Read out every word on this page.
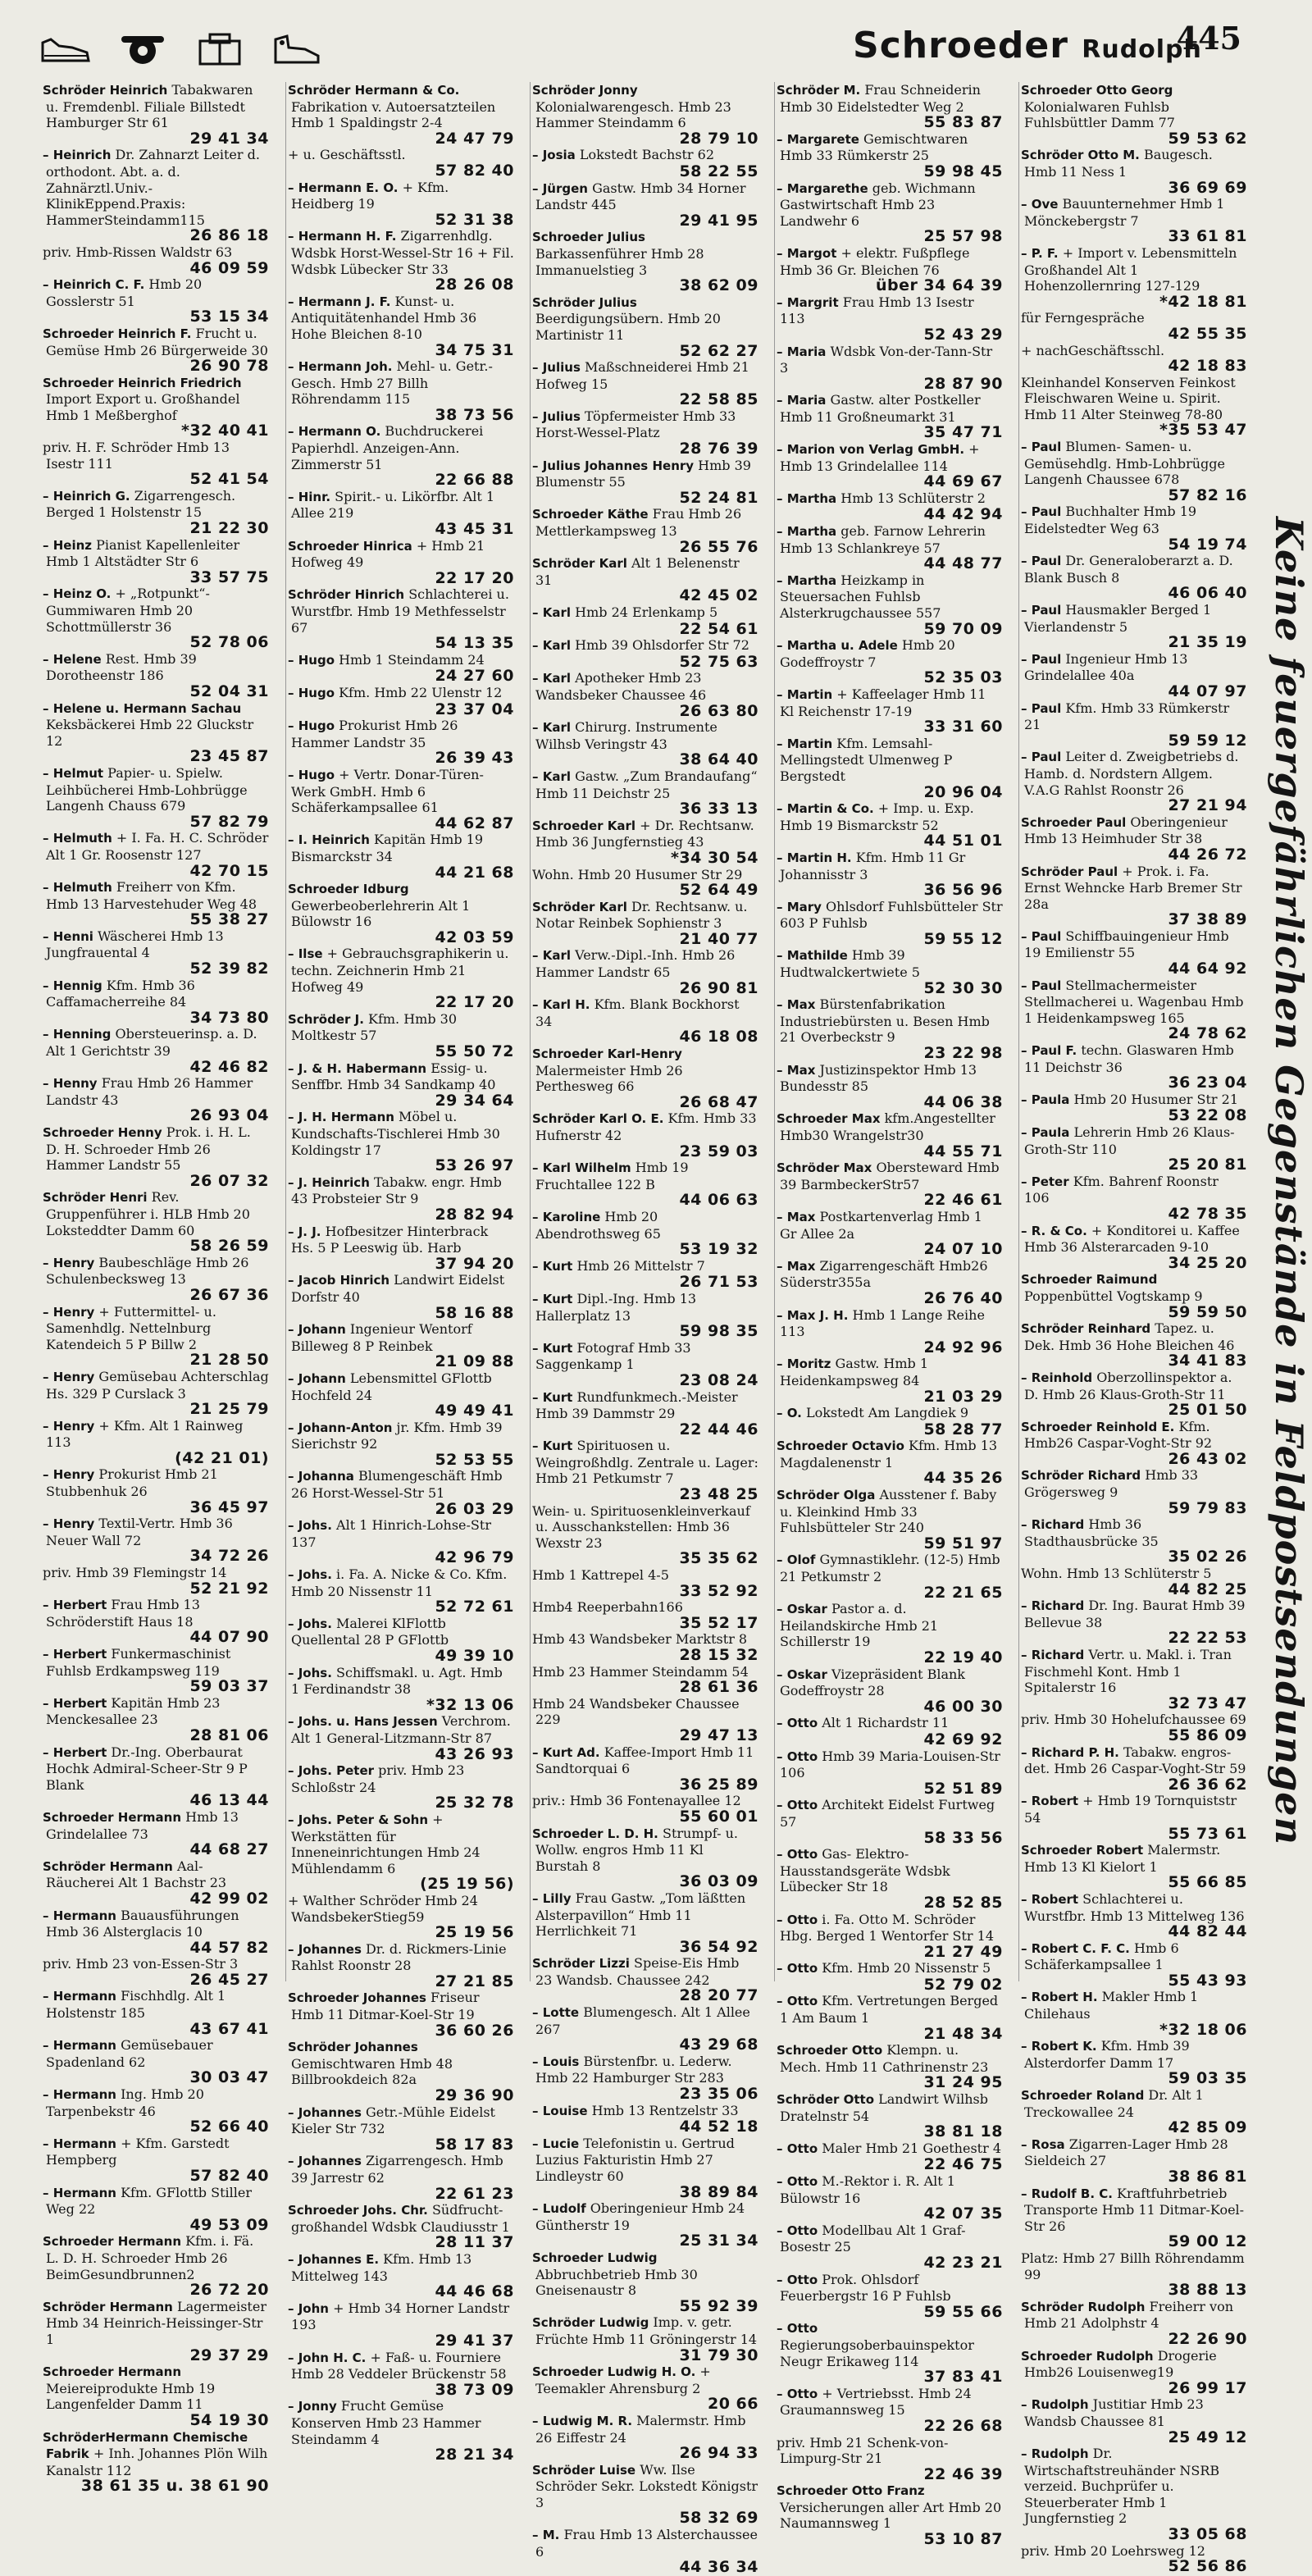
Schroeder Rudolph
445

Schröder Heinrich Tabakwaren u. Fremdenbl. Filiale Billstedt Hamburger Str 61
29 41 34

– Heinrich Dr. Zahnarzt Leiter d. orthodont. Abt. a. d. Zahnärztl.Univ.-KlinikEppend.Praxis: HammerSteindamm115
26 86 18

priv. Hmb-Rissen Waldstr 63
46 09 59

– Heinrich C. F. Hmb 20 Gosslerstr 51
53 15 34

Schroeder Heinrich F. Frucht u. Gemüse Hmb 26 Bürgerweide 30
26 90 78

Schroeder Heinrich Friedrich Import Export u. Großhandel Hmb 1 Meßberghof
*32 40 41

priv. H. F. Schröder Hmb 13 Isestr 111
52 41 54

– Heinrich G. Zigarrengesch. Berged 1 Holstenstr 15
21 22 30

– Heinz Pianist Kapellenleiter Hmb 1 Altstädter Str 6
33 57 75

– Heinz O. + „Rotpunkt“-Gummiwaren Hmb 20 Schottmüllerstr 36
52 78 06

– Helene Rest. Hmb 39 Dorotheenstr 186
52 04 31

– Helene u. Hermann Sachau Keksbäckerei Hmb 22 Gluckstr 12
23 45 87

– Helmut Papier- u. Spielw. Leihbücherei Hmb-Lohbrügge Langenh Chauss 679
57 82 79

– Helmuth + I. Fa. H. C. Schröder Alt 1 Gr. Roosenstr 127
42 70 15

– Helmuth Freiherr von Kfm. Hmb 13 Harvestehuder Weg 48
55 38 27

– Henni Wäscherei Hmb 13 Jungfrauental 4
52 39 82

– Hennig Kfm. Hmb 36 Caffamacherreihe 84
34 73 80

– Henning Obersteuerinsp. a. D. Alt 1 Gerichtstr 39
42 46 82

– Henny Frau Hmb 26 Hammer Landstr 43
26 93 04

Schroeder Henny Prok. i. H. L. D. H. Schroeder Hmb 26 Hammer Landstr 55
26 07 32

Schröder Henri Rev. Gruppenführer i. HLB Hmb 20 Loksteddter Damm 60
58 26 59

– Henry Baubeschläge Hmb 26 Schulenbecksweg 13
26 67 36

– Henry + Futtermittel- u. Samenhdlg. Nettelnburg Katendeich 5 P Billw 2
21 28 50

– Henry Gemüsebau Achterschlag Hs. 329 P Curslack 3
21 25 79

– Henry + Kfm. Alt 1 Rainweg 113
(42 21 01)

– Henry Prokurist Hmb 21 Stubbenhuk 26
36 45 97

– Henry Textil-Vertr. Hmb 36 Neuer Wall 72
34 72 26

priv. Hmb 39 Flemingstr 14
52 21 92

– Herbert Frau Hmb 13 Schröderstift Haus 18
44 07 90

– Herbert Funkermaschinist Fuhlsb Erdkampsweg 119
59 03 37

– Herbert Kapitän Hmb 23 Menckesallee 23
28 81 06

– Herbert Dr.-Ing. Oberbaurat Hochk Admiral-Scheer-Str 9 P Blank
46 13 44

Schroeder Hermann Hmb 13 Grindelallee 73
44 68 27

Schröder Hermann Aal-Räucherei Alt 1 Bachstr 23
42 99 02

– Hermann Bauausführungen Hmb 36 Alsterglacis 10
44 57 82

priv. Hmb 23 von-Essen-Str 3
26 45 27

– Hermann Fischhdlg. Alt 1 Holstenstr 185
43 67 41

– Hermann Gemüsebauer Spadenland 62
30 03 47

– Hermann Ing. Hmb 20 Tarpenbekstr 46
52 66 40

– Hermann + Kfm. Garstedt Hempberg
57 82 40

– Hermann Kfm. GFlottb Stiller Weg 22
49 53 09

Schroeder Hermann Kfm. i. Fä. L. D. H. Schroeder Hmb 26 BeimGesundbrunnen2
26 72 20

Schröder Hermann Lagermeister Hmb 34 Heinrich-Heissinger-Str 1
29 37 29

Schroeder Hermann Meiereiprodukte Hmb 19 Langenfelder Damm 11
54 19 30

SchröderHermann Chemische Fabrik + Inh. Johannes Plön Wilh Kanalstr 112
38 61 35 u. 38 61 90

Schröder Hermann & Co. Fabrikation v. Autoersatzteilen Hmb 1 Spaldingstr 2-4
24 47 79

+ u. Geschäftsstl.
57 82 40

– Hermann E. O. + Kfm. Heidberg 19
52 31 38

– Hermann H. F. Zigarrenhdlg. Wdsbk Horst-Wessel-Str 16 + Fil. Wdsbk Lübecker Str 33
28 26 08

– Hermann J. F. Kunst- u. Antiquitätenhandel Hmb 36 Hohe Bleichen 8-10
34 75 31

– Hermann Joh. Mehl- u. Getr.-Gesch. Hmb 27 Billh Röhrendamm 115
38 73 56

– Hermann O. Buchdruckerei Papierhdl. Anzeigen-Ann. Zimmerstr 51
22 66 88

– Hinr. Spirit.- u. Likörfbr. Alt 1 Allee 219
43 45 31

Schroeder Hinrica + Hmb 21 Hofweg 49
22 17 20

Schröder Hinrich Schlachterei u. Wurstfbr. Hmb 19 Methfesselstr 67
54 13 35

– Hugo Hmb 1 Steindamm 24
24 27 60

– Hugo Kfm. Hmb 22 Ulenstr 12
23 37 04

– Hugo Prokurist Hmb 26 Hammer Landstr 35
26 39 43

– Hugo + Vertr. Donar-Türen-Werk GmbH. Hmb 6 Schäferkampsallee 61
44 62 87

– I. Heinrich Kapitän Hmb 19 Bismarckstr 34
44 21 68

Schroeder Idburg Gewerbeoberlehrerin Alt 1 Bülowstr 16
42 03 59

– Ilse + Gebrauchsgraphikerin u. techn. Zeichnerin Hmb 21 Hofweg 49
22 17 20

Schröder J. Kfm. Hmb 30 Moltkestr 57
55 50 72

– J. & H. Habermann Essig- u. Senffbr. Hmb 34 Sandkamp 40
29 34 64

– J. H. Hermann Möbel u. Kundschafts-Tischlerei Hmb 30 Koldingstr 17
53 26 97

– J. Heinrich Tabakw. engr. Hmb 43 Probsteier Str 9
28 82 94

– J. J. Hofbesitzer Hinterbrack Hs. 5 P Leeswig üb. Harb
37 94 20

– Jacob Hinrich Landwirt Eidelst Dorfstr 40
58 16 88

– Johann Ingenieur Wentorf Billeweg 8 P Reinbek
21 09 88

– Johann Lebensmittel GFlottb Hochfeld 24
49 49 41

– Johann-Anton jr. Kfm. Hmb 39 Sierichstr 92
52 53 55

– Johanna Blumengeschäft Hmb 26 Horst-Wessel-Str 51
26 03 29

– Johs. Alt 1 Hinrich-Lohse-Str 137
42 96 79

– Johs. i. Fa. A. Nicke & Co. Kfm. Hmb 20 Nissenstr 11
52 72 61

– Johs. Malerei KlFlottb Quellental 28 P GFlottb
49 39 10

– Johs. Schiffsmakl. u. Agt. Hmb 1 Ferdinandstr 38
*32 13 06

– Johs. u. Hans Jessen Verchrom. Alt 1 General-Litzmann-Str 87
43 26 93

– Johs. Peter priv. Hmb 23 Schloßstr 24
25 32 78

– Johs. Peter & Sohn + Werkstätten für Inneneinrichtungen Hmb 24 Mühlendamm 6
(25 19 56)

+ Walther Schröder Hmb 24 WandsbekerStieg59
25 19 56

– Johannes Dr. d. Rickmers-Linie Rahlst Roonstr 28
27 21 85

Schroeder Johannes Friseur Hmb 11 Ditmar-Koel-Str 19
36 60 26

Schröder Johannes Gemischtwaren Hmb 48 Billbrookdeich 82a
29 36 90

– Johannes Getr.-Mühle Eidelst Kieler Str 732
58 17 83

– Johannes Zigarrengesch. Hmb 39 Jarrestr 62
22 61 23

Schroeder Johs. Chr. Südfrucht-großhandel Wdsbk Claudiusstr 1
28 11 37

– Johannes E. Kfm. Hmb 13 Mittelweg 143
44 46 68

– John + Hmb 34 Horner Landstr 193
29 41 37

– John H. C. + Faß- u. Fourniere Hmb 28 Veddeler Brückenstr 58
38 73 09

– Jonny Frucht Gemüse Konserven Hmb 23 Hammer Steindamm 4
28 21 34

Schröder Jonny Kolonialwarengesch. Hmb 23 Hammer Steindamm 6
28 79 10

– Josia Lokstedt Bachstr 62
58 22 55

– Jürgen Gastw. Hmb 34 Horner Landstr 445
29 41 95

Schroeder Julius Barkassenführer Hmb 28 Immanuelstieg 3
38 62 09

Schröder Julius Beerdigungsübern. Hmb 20 Martinistr 11
52 62 27

– Julius Maßschneiderei Hmb 21 Hofweg 15
22 58 85

– Julius Töpfermeister Hmb 33 Horst-Wessel-Platz
28 76 39

– Julius Johannes Henry Hmb 39 Blumenstr 55
52 24 81

Schroeder Käthe Frau Hmb 26 Mettlerkampsweg 13
26 55 76

Schröder Karl Alt 1 Belenenstr 31
42 45 02

– Karl Hmb 24 Erlenkamp 5
22 54 61

– Karl Hmb 39 Ohlsdorfer Str 72
52 75 63

– Karl Apotheker Hmb 23 Wandsbeker Chaussee 46
26 63 80

– Karl Chirurg. Instrumente Wilhsb Veringstr 43
38 64 40

– Karl Gastw. „Zum Brandaufang“ Hmb 11 Deichstr 25
36 33 13

Schroeder Karl + Dr. Rechtsanw. Hmb 36 Jungfernstieg 43
*34 30 54

Wohn. Hmb 20 Husumer Str 29
52 64 49

Schröder Karl Dr. Rechtsanw. u. Notar Reinbek Sophienstr 3
21 40 77

– Karl Verw.-Dipl.-Inh. Hmb 26 Hammer Landstr 65
26 90 81

– Karl H. Kfm. Blank Bockhorst 34
46 18 08

Schroeder Karl-Henry Malermeister Hmb 26 Perthesweg 66
26 68 47

Schröder Karl O. E. Kfm. Hmb 33 Hufnerstr 42
23 59 03

– Karl Wilhelm Hmb 19 Fruchtallee 122 B
44 06 63

– Karoline Hmb 20 Abendrothsweg 65
53 19 32

– Kurt Hmb 26 Mittelstr 7
26 71 53

– Kurt Dipl.-Ing. Hmb 13 Hallerplatz 13
59 98 35

– Kurt Fotograf Hmb 33 Saggenkamp 1
23 08 24

– Kurt Rundfunkmech.-Meister Hmb 39 Dammstr 29
22 44 46

– Kurt Spirituosen u. Weingroßhdlg. Zentrale u. Lager: Hmb 21 Petkumstr 7
23 48 25

Wein- u. Spirituosenkleinverkauf u. Ausschankstellen: Hmb 36 Wexstr 23
35 35 62

Hmb 1 Kattrepel 4-5
33 52 92

Hmb4 Reeperbahn166
35 52 17

Hmb 43 Wandsbeker Marktstr 8
28 15 32

Hmb 23 Hammer Steindamm 54
28 61 36

Hmb 24 Wandsbeker Chaussee 229
29 47 13

– Kurt Ad. Kaffee-Import Hmb 11 Sandtorquai 6
36 25 89

priv.: Hmb 36 Fontenayallee 12
55 60 01

Schroeder L. D. H. Strumpf- u. Wollw. engros Hmb 11 Kl Burstah 8
36 03 09

– Lilly Frau Gastw. „Tom läßtten Alsterpavillon“ Hmb 11 Herrlichkeit 71
36 54 92

Schröder Lizzi Speise-Eis Hmb 23 Wandsb. Chaussee 242
28 20 77

– Lotte Blumengesch. Alt 1 Allee 267
43 29 68

– Louis Bürstenfbr. u. Lederw. Hmb 22 Hamburger Str 283
23 35 06

– Louise Hmb 13 Rentzelstr 33
44 52 18

– Lucie Telefonistin u. Gertrud Luzius Fakturistin Hmb 27 Lindleystr 60
38 89 84

– Ludolf Oberingenieur Hmb 24 Güntherstr 19
25 31 34

Schroeder Ludwig Abbruchbetrieb Hmb 30 Gneisenaustr 8
55 92 39

Schröder Ludwig Imp. v. getr. Früchte Hmb 11 Gröningerstr 14
31 79 30

Schroeder Ludwig H. O. + Teemakler Ahrensburg 2
20 66

– Ludwig M. R. Malermstr. Hmb 26 Eiffestr 24
26 94 33

Schröder Luise Ww. Ilse Schröder Sekr. Lokstedt Königstr 3
58 32 69

– M. Frau Hmb 13 Alsterchaussee 6
44 36 34

Schröder M. Frau Schneiderin Hmb 30 Eidelstedter Weg 2
55 83 87

– Margarete Gemischtwaren Hmb 33 Rümkerstr 25
59 98 45

– Margarethe geb. Wichmann Gastwirtschaft Hmb 23 Landwehr 6
25 57 98

– Margot + elektr. Fußpflege Hmb 36 Gr. Bleichen 76
über 34 64 39

– Margrit Frau Hmb 13 Isestr 113
52 43 29

– Maria Wdsbk Von-der-Tann-Str 3
28 87 90

– Maria Gastw. alter Postkeller Hmb 11 Großneumarkt 31
35 47 71

– Marion von Verlag GmbH. + Hmb 13 Grindelallee 114
44 69 67

– Martha Hmb 13 Schlüterstr 2
44 42 94

– Martha geb. Farnow Lehrerin Hmb 13 Schlankreye 57
44 48 77

– Martha Heizkamp in Steuersachen Fuhlsb Alsterkrugchaussee 557
59 70 09

– Martha u. Adele Hmb 20 Godeffroystr 7
52 35 03

– Martin + Kaffeelager Hmb 11 Kl Reichenstr 17-19
33 31 60

– Martin Kfm. Lemsahl-Mellingstedt Ulmenweg P Bergstedt
20 96 04

– Martin & Co. + Imp. u. Exp. Hmb 19 Bismarckstr 52
44 51 01

– Martin H. Kfm. Hmb 11 Gr Johannisstr 3
36 56 96

– Mary Ohlsdorf Fuhlsbütteler Str 603 P Fuhlsb
59 55 12

– Mathilde Hmb 39 Hudtwalckertwiete 5
52 30 30

– Max Bürstenfabrikation Industriebürsten u. Besen Hmb 21 Overbeckstr 9
23 22 98

– Max Justizinspektor Hmb 13 Bundesstr 85
44 06 38

Schroeder Max kfm.Angestellter Hmb30 Wrangelstr30
44 55 71

Schröder Max Obersteward Hmb 39 BarmbeckerStr57
22 46 61

– Max Postkartenverlag Hmb 1 Gr Allee 2a
24 07 10

– Max Zigarrengeschäft Hmb26 Süderstr355a
26 76 40

– Max J. H. Hmb 1 Lange Reihe 113
24 92 96

– Moritz Gastw. Hmb 1 Heidenkampsweg 84
21 03 29

– O. Lokstedt Am Langdiek 9
58 28 77

Schroeder Octavio Kfm. Hmb 13 Magdalenenstr 1
44 35 26

Schröder Olga Ausstener f. Baby u. Kleinkind Hmb 33 Fuhlsbütteler Str 240
59 51 97

– Olof Gymnastiklehr. (12-5) Hmb 21 Petkumstr 2
22 21 65

– Oskar Pastor a. d. Heilandskirche Hmb 21 Schillerstr 19
22 19 40

– Oskar Vizepräsident Blank Godeffroystr 28
46 00 30

– Otto Alt 1 Richardstr 11
42 69 92

– Otto Hmb 39 Maria-Louisen-Str 106
52 51 89

– Otto Architekt Eidelst Furtweg 57
58 33 56

– Otto Gas- Elektro- Hausstandsgeräte Wdsbk Lübecker Str 18
28 52 85

– Otto i. Fa. Otto M. Schröder Hbg. Berged 1 Wentorfer Str 14
21 27 49

– Otto Kfm. Hmb 20 Nissenstr 5
52 79 02

– Otto Kfm. Vertretungen Berged 1 Am Baum 1
21 48 34

Schroeder Otto Klempn. u. Mech. Hmb 11 Cathrinenstr 23
31 24 95

Schröder Otto Landwirt Wilhsb Dratelnstr 54
38 81 18

– Otto Maler Hmb 21 Goethestr 4
22 46 75

– Otto M.-Rektor i. R. Alt 1 Bülowstr 16
42 07 35

– Otto Modellbau Alt 1 Graf-Bosestr 25
42 23 21

– Otto Prok. Ohlsdorf Feuerbergstr 16 P Fuhlsb
59 55 66

– Otto Regierungsoberbauinspektor Neugr Erikaweg 114
37 83 41

– Otto + Vertriebsst. Hmb 24 Graumannsweg 15
22 26 68

priv. Hmb 21 Schenk-von-Limpurg-Str 21
22 46 39

Schroeder Otto Franz Versicherungen aller Art Hmb 20 Naumannsweg 1
53 10 87

Schroeder Otto Georg Kolonialwaren Fuhlsb Fuhlsbüttler Damm 77
59 53 62

Schröder Otto M. Baugesch. Hmb 11 Ness 1
36 69 69

– Ove Bauunternehmer Hmb 1 Mönckebergstr 7
33 61 81

– P. F. + Import v. Lebensmitteln Großhandel Alt 1 Hohenzollernring 127-129
*42 18 81

für Ferngespräche
42 55 35

+ nachGeschäftsschl.
42 18 83

Kleinhandel Konserven Feinkost Fleischwaren Weine u. Spirit. Hmb 11 Alter Steinweg 78-80
*35 53 47

– Paul Blumen- Samen- u. Gemüsehdlg. Hmb-Lohbrügge Langenh Chaussee 678
57 82 16

– Paul Buchhalter Hmb 19 Eidelstedter Weg 63
54 19 74

– Paul Dr. Generaloberarzt a. D. Blank Busch 8
46 06 40

– Paul Hausmakler Berged 1 Vierlandenstr 5
21 35 19

– Paul Ingenieur Hmb 13 Grindelallee 40a
44 07 97

– Paul Kfm. Hmb 33 Rümkerstr 21
59 59 12

– Paul Leiter d. Zweigbetriebs d. Hamb. d. Nordstern Allgem. V.A.G Rahlst Roonstr 26
27 21 94

Schroeder Paul Oberingenieur Hmb 13 Heimhuder Str 38
44 26 72

Schröder Paul + Prok. i. Fa. Ernst Wehncke Harb Bremer Str 28a
37 38 89

– Paul Schiffbauingenieur Hmb 19 Emilienstr 55
44 64 92

– Paul Stellmachermeister Stellmacherei u. Wagenbau Hmb 1 Heidenkampsweg 165
24 78 62

– Paul F. techn. Glaswaren Hmb 11 Deichstr 36
36 23 04

– Paula Hmb 20 Husumer Str 21
53 22 08

– Paula Lehrerin Hmb 26 Klaus-Groth-Str 110
25 20 81

– Peter Kfm. Bahrenf Roonstr 106
42 78 35

– R. & Co. + Konditorei u. Kaffee Hmb 36 Alsterarcaden 9-10
34 25 20

Schroeder Raimund Poppenbüttel Vogtskamp 9
59 59 50

Schröder Reinhard Tapez. u. Dek. Hmb 36 Hohe Bleichen 46
34 41 83

– Reinhold Oberzollinspektor a. D. Hmb 26 Klaus-Groth-Str 11
25 01 50

Schroeder Reinhold E. Kfm. Hmb26 Caspar-Voght-Str 92
26 43 02

Schröder Richard Hmb 33 Grögersweg 9
59 79 83

– Richard Hmb 36 Stadthausbrücke 35
35 02 26

Wohn. Hmb 13 Schlüterstr 5
44 82 25

– Richard Dr. Ing. Baurat Hmb 39 Bellevue 38
22 22 53

– Richard Vertr. u. Makl. i. Tran Fischmehl Kont. Hmb 1 Spitalerstr 16
32 73 47

priv. Hmb 30 Hohelufchaussee 69
55 86 09

– Richard P. H. Tabakw. engros-det. Hmb 26 Caspar-Voght-Str 59
26 36 62

– Robert + Hmb 19 Tornquiststr 54
55 73 61

Schroeder Robert Malermstr. Hmb 13 Kl Kielort 1
55 66 85

– Robert Schlachterei u. Wurstfbr. Hmb 13 Mittelweg 136
44 82 44

– Robert C. F. C. Hmb 6 Schäferkampsallee 1
55 43 93

– Robert H. Makler Hmb 1 Chilehaus
*32 18 06

– Robert K. Kfm. Hmb 39 Alsterdorfer Damm 17
59 03 35

Schroeder Roland Dr. Alt 1 Treckowallee 24
42 85 09

– Rosa Zigarren-Lager Hmb 28 Sieldeich 27
38 86 81

– Rudolf B. C. Kraftfuhrbetrieb Transporte Hmb 11 Ditmar-Koel-Str 26
59 00 12

Platz: Hmb 27 Billh Röhrendamm 99
38 88 13

Schröder Rudolph Freiherr von Hmb 21 Adolphstr 4
22 26 90

Schroeder Rudolph Drogerie Hmb26 Louisenweg19
26 99 17

– Rudolph Justitiar Hmb 23 Wandsb Chaussee 81
25 49 12

– Rudolph Dr. Wirtschaftstreuhänder NSRB verzeid. Buchprüfer u. Steuerberater Hmb 1 Jungfernstieg 2
33 05 68

priv. Hmb 20 Loehrsweg 12
52 56 86

Keine feuergefährlichen Gegenstände in Feldpostsendungen
